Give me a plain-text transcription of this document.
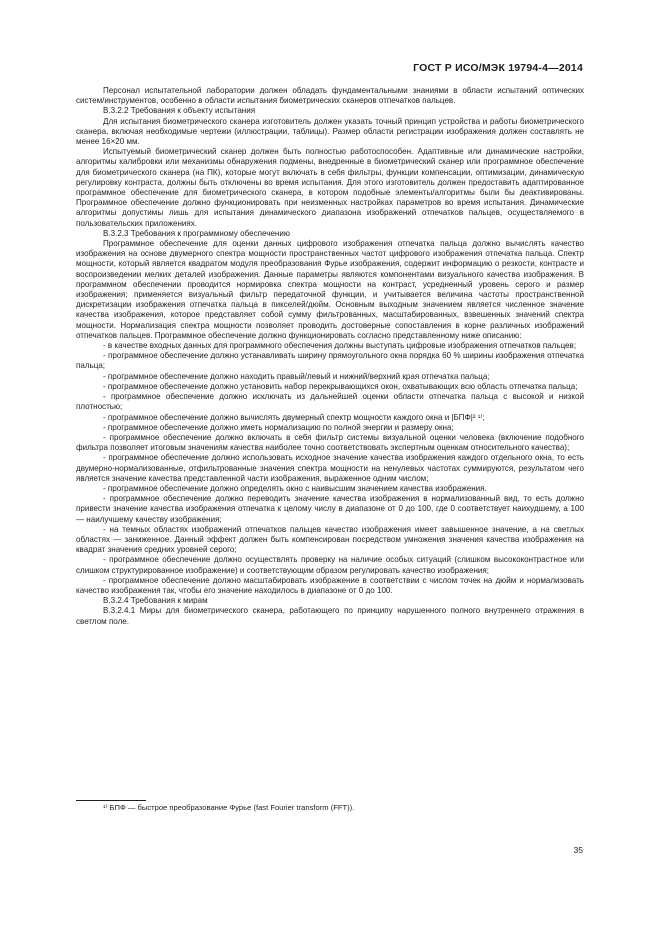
ГОСТ Р ИСО/МЭК 19794-4—2014

Персонал испытательной лаборатории должен обладать фундаментальными знаниями в области испытаний оптических систем/инструментов, особенно в области испытания биометрических сканеров отпечатков пальцев.

В.3.2.2 Требования к объекту испытания

Для испытания биометрического сканера изготовитель должен указать точный принцип устройства и работы биометрического сканера, включая необходимые чертежи (иллюстрации, таблицы). Размер области регистрации изображения должен составлять не менее 16×20 мм.

Испытуемый биометрический сканер должен быть полностью работоспособен. Адаптивные или динамические настройки, алгоритмы калибровки или механизмы обнаружения подмены, внедренные в биометрический сканер или программное обеспечение для биометрического сканера (на ПК), которые могут включать в себя фильтры, функции компенсации, оптимизации, динамическую регулировку контраста, должны быть отключены во время испытания. Для этого изготовитель должен предоставить адаптированное программное обеспечение для биометрического сканера, в котором подобные элементы/алгоритмы были бы деактивированы. Программное обеспечение должно функционировать при неизменных настройках параметров во время испытания. Динамические алгоритмы допустимы лишь для испытания динамического диапазона изображений отпечатков пальцев, осуществляемого в пользовательских приложениях.

В.3.2.3 Требования к программному обеспечению

Программное обеспечение для оценки данных цифрового изображения отпечатка пальца должно вычислять качество изображения на основе двумерного спектра мощности пространственных частот цифрового изображения отпечатка пальца. Спектр мощности, который является квадратом модуля преобразования Фурье изображения, содержит информацию о резкости, контрасте и воспроизведении мелких деталей изображения. Данные параметры являются компонентами визуального качества изображения. В программном обеспечении проводится нормировка спектра мощности на контраст, усредненный уровень серого и размер изображения; применяется визуальный фильтр передаточной функции, и учитывается величина частоты пространственной дискретизации изображения отпечатка пальца в пикселей/дюйм. Основным выходным значением является численное значение качества изображения, которое представляет собой сумму фильтрованных, масштабированных, взвешенных значений спектра мощности. Нормализация спектра мощности позволяет проводить достоверные сопоставления в корне различных изображений отпечатков пальцев. Программное обеспечение должно функционировать согласно представленному ниже описанию:

- в качестве входных данных для программного обеспечения должны выступать цифровые изображения отпечатков пальцев;

- программное обеспечение должно устанавливать ширину прямоугольного окна порядка 60 % ширины изображения отпечатка пальца;

- программное обеспечение должно находить правый/левый и нижний/верхний края отпечатка пальца;

- программное обеспечение должно установить набор перекрывающихся окон, охватывающих всю область отпечатка пальца;

- программное обеспечение должно исключать из дальнейшей оценки области отпечатка пальца с высокой и низкой плотностью;

- программное обеспечение должно вычислять двумерный спектр мощности каждого окна и |БПФ|² ¹⁾;

- программное обеспечение должно иметь нормализацию по полной энергии и размеру окна;

- программное обеспечение должно включать в себя фильтр системы визуальной оценки человека (включение подобного фильтра позволяет итоговым значениям качества наиболее точно соответствовать экспертным оценкам относительного качества);

- программное обеспечение должно использовать исходное значение качества изображения каждого отдельного окна, то есть двумерно-нормализованные, отфильтрованные значения спектра мощности на ненулевых частотах суммируются, результатом чего является значение качества представленной части изображения, выраженное одним числом;

- программное обеспечение должно определять окно с наивысшим значением качества изображения.

- программное обеспечение должно переводить значение качества изображения в нормализованный вид, то есть должно привести значение качества изображения отпечатка к целому числу в диапазоне от 0 до 100, где 0 соответствует наихудшему, а 100 — наилучшему качеству изображения;

- на темных областях изображений отпечатков пальцев качество изображения имеет завышенное значение, а на светлых областях — заниженное. Данный эффект должен быть компенсирован посредством умножения значения качества изображения на квадрат значения средних уровней серого;

- программное обеспечение должно осуществлять проверку на наличие особых ситуаций (слишком высококонтрастное или слишком структурированное изображение) и соответствующим образом регулировать качество изображения;

- программное обеспечение должно масштабировать изображение в соответствии с числом точек на дюйм и нормализовать качество изображения так, чтобы его значение находилось в диапазоне от 0 до 100.

В.3.2.4 Требования к мирам

В.3.2.4.1 Миры для биометрического сканера, работающего по принципу нарушенного полного внутреннего отражения в светлом поле.

¹⁾ БПФ — быстрое преобразование Фурье (fast Fourier transform (FFT)).
35
